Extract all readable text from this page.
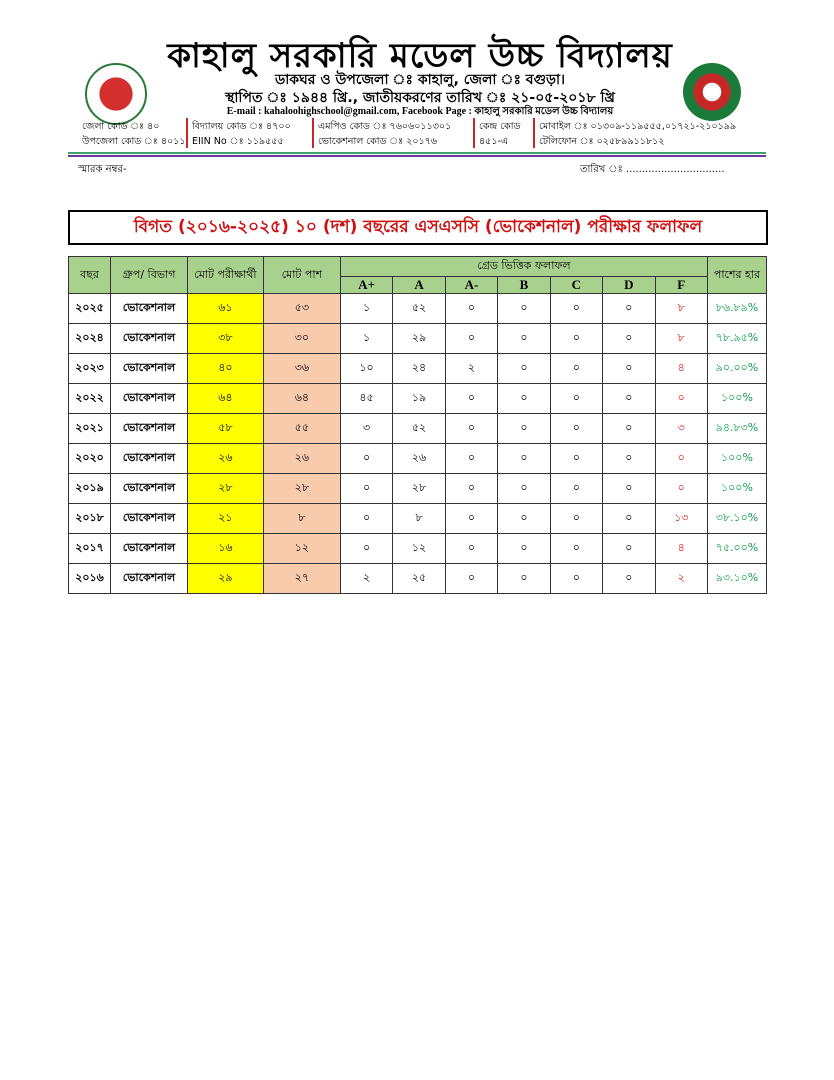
কাহালু সরকারি মডেল উচ্চ বিদ্যালয়
ডাকঘর ও উপজেলা ঃ কাহালু, জেলা ঃ বগুড়া।
স্থাপিত ঃ ১৯৪৪ খ্রি., জাতীয়করণের তারিখ ঃ ২১-০৫-২০১৮ খ্রি
E-mail : kahaloohighschool@gmail.com, Facebook Page : কাহালু সরকারি মডেল উচ্চ বিদ্যালয়
জেলা কোড ঃ ৪০
উপজেলা কোড ঃ ৪০১১
বিদ্যালয় কোড ঃ ৪৭০০
EIIN No ঃ ১১৯৫৫৫
এমপিও কোড ঃ ৭৬০৬০১১৩০১
ভোকেশনাল কোড ঃ ২০১৭৬
কেন্দ্র কোড
৪৫১-এ
মোবাইল ঃ ০১৩০৯-১১৯৫৫৫,০১৭২১-২১০১৯৯
টেলিফোন ঃ ০২৫৮৯৯১১৮১২
স্মারক নম্বর-	তারিখ ঃ ...............................
বিগত (২০১৬-২০২৫) ১০ (দশ) বছরের এসএসসি (ভোকেশনাল) পরীক্ষার ফলাফল
বছর	গ্রুপ/ বিভাগ	মোট পরীক্ষার্থী	মোট পাশ	গ্রেড ভিত্তিক ফলাফল							পাশের হার
				A+	A	A-	B	C	D	F	
২০২৫	ভোকেশনাল	৬১	৫৩	১	৫২	০	০	০	০	৮	৮৬.৮৯%
২০২৪	ভোকেশনাল	৩৮	৩০	১	২৯	০	০	০	০	৮	৭৮.৯৫%
২০২৩	ভোকেশনাল	৪০	৩৬	১০	২৪	২	০	০	০	৪	৯০.০০%
২০২২	ভোকেশনাল	৬৪	৬৪	৪৫	১৯	০	০	০	০	০	১০০%
২০২১	ভোকেশনাল	৫৮	৫৫	৩	৫২	০	০	০	০	৩	৯৪.৮৩%
২০২০	ভোকেশনাল	২৬	২৬	০	২৬	০	০	০	০	০	১০০%
২০১৯	ভোকেশনাল	২৮	২৮	০	২৮	০	০	০	০	০	১০০%
২০১৮	ভোকেশনাল	২১	৮	০	৮	০	০	০	০	১৩	৩৮.১০%
২০১৭	ভোকেশনাল	১৬	১২	০	১২	০	০	০	০	৪	৭৫.০০%
২০১৬	ভোকেশনাল	২৯	২৭	২	২৫	০	০	০	০	২	৯৩.১০%
